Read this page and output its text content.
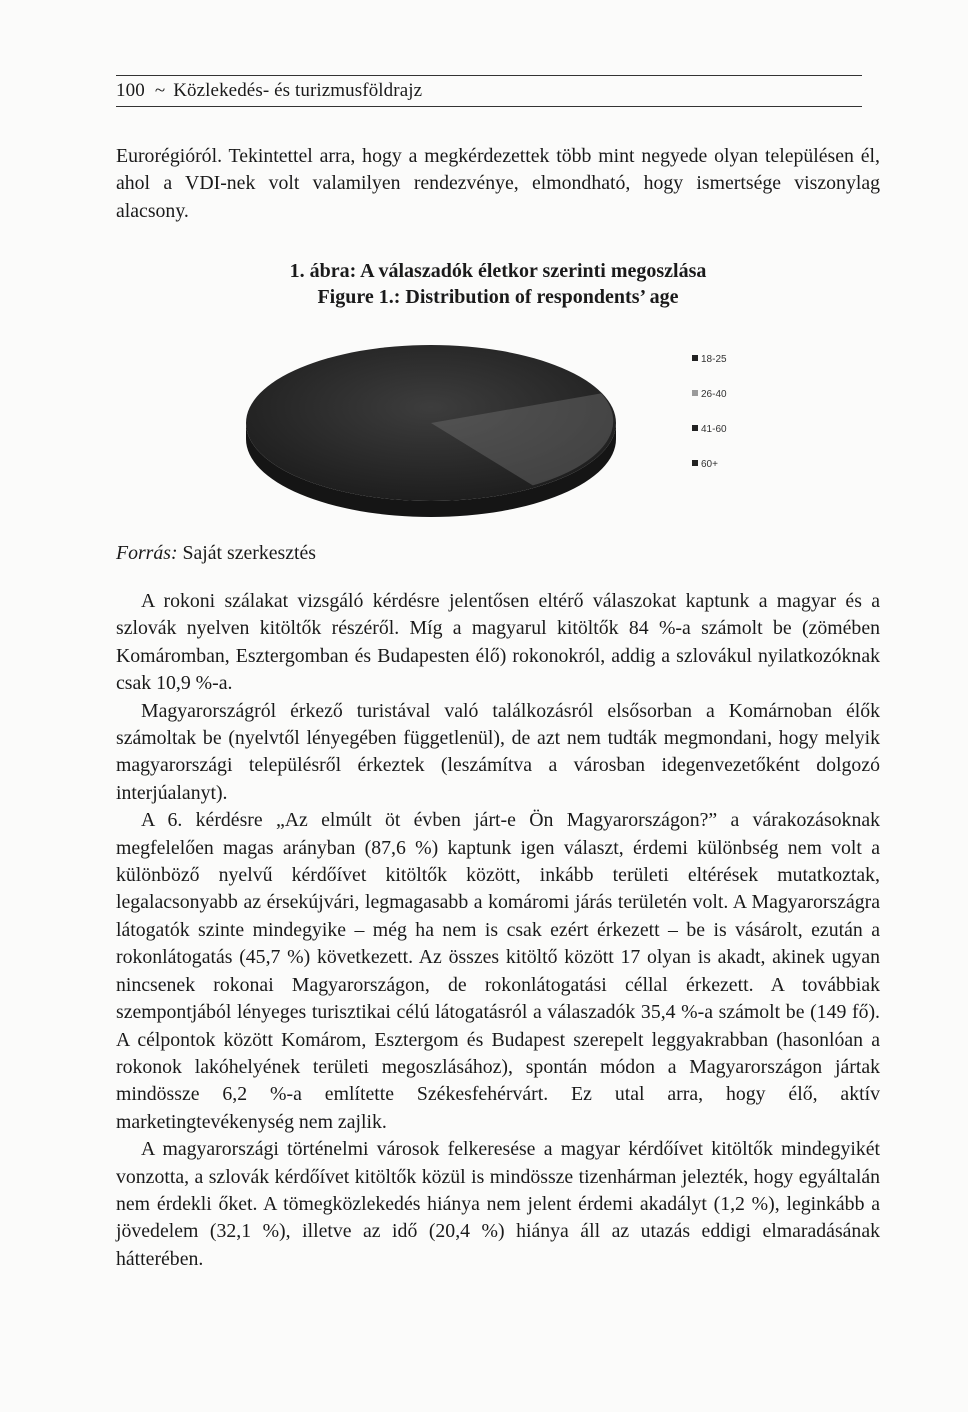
100 ~ Közlekedés- és turizmusföldrajz

Eurorégióról. Tekintettel arra, hogy a megkérdezettek több mint negyede olyan településen él, ahol a VDI-nek volt valamilyen rendezvénye, elmondható, hogy ismertsége viszonylag alacsony.

1. ábra: A válaszadók életkor szerinti megoszlása
Figure 1.: Distribution of respondents’ age
18-25
26-40
41-60
60+
Forrás: Saját szerkesztés

A rokoni szálakat vizsgáló kérdésre jelentősen eltérő válaszokat kaptunk a magyar és a szlovák nyelven kitöltők részéről. Míg a magyarul kitöltők 84 %-a számolt be (zömében Komáromban, Esztergomban és Budapesten élő) rokonokról, addig a szlovákul nyilatkozóknak csak 10,9 %-a.

Magyarországról érkező turistával való találkozásról elsősorban a Komárnoban élők számoltak be (nyelvtől lényegében függetlenül), de azt nem tudták megmondani, hogy melyik magyarországi településről érkeztek (leszámítva a városban idegenvezetőként dolgozó interjúalanyt).

A 6. kérdésre „Az elmúlt öt évben járt-e Ön Magyarországon?” a várakozásoknak megfelelően magas arányban (87,6 %) kaptunk igen választ, érdemi különbség nem volt a különböző nyelvű kérdőívet kitöltők között, inkább területi eltérések mutatkoztak, legalacsonyabb az érsekújvári, legmagasabb a komáromi járás területén volt. A Magyarországra látogatók szinte mindegyike – még ha nem is csak ezért érkezett – be is vásárolt, ezután a rokonlátogatás (45,7 %) következett. Az összes kitöltő között 17 olyan is akadt, akinek ugyan nincsenek rokonai Magyarországon, de rokonlátogatási céllal érkezett. A továbbiak szempontjából lényeges turisztikai célú látogatásról a válaszadók 35,4 %-a számolt be (149 fő). A célpontok között Komárom, Esztergom és Budapest szerepelt leggyakrabban (hasonlóan a rokonok lakóhelyének területi megoszlásához), spontán módon a Magyarországon jártak mindössze 6,2 %-a említette Székesfehérvárt. Ez utal arra, hogy élő, aktív marketingtevékenység nem zajlik.

A magyarországi történelmi városok felkeresése a magyar kérdőívet kitöltők mindegyikét vonzotta, a szlovák kérdőívet kitöltők közül is mindössze tizenhárman jelezték, hogy egyáltalán nem érdekli őket. A tömegközlekedés hiánya nem jelent érdemi akadályt (1,2 %), leginkább a jövedelem (32,1 %), illetve az idő (20,4 %) hiánya áll az utazás eddigi elmaradásának hátterében.
